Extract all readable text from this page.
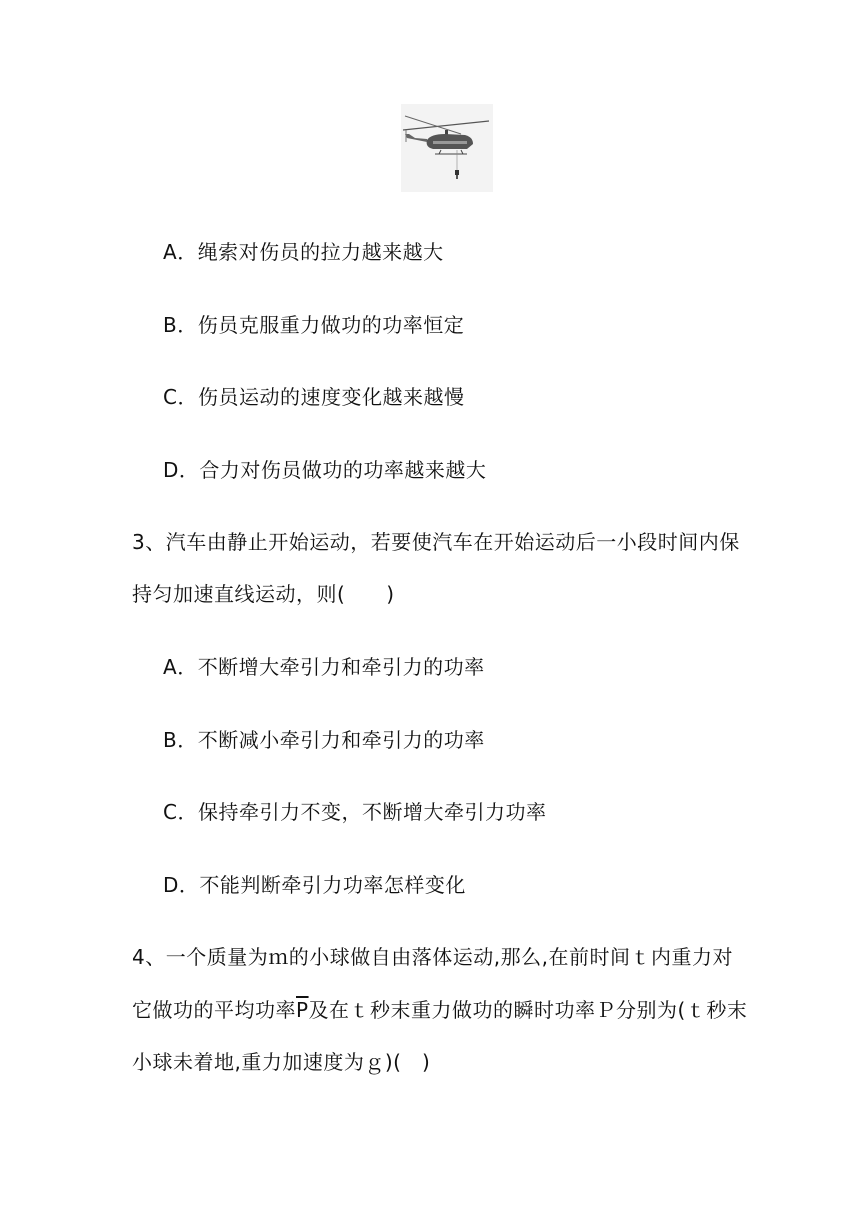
A．绳索对伤员的拉力越来越大
B．伤员克服重力做功的功率恒定
C．伤员运动的速度变化越来越慢
D．合力对伤员做功的功率越来越大
3、汽车由静止开始运动，若要使汽车在开始运动后一小段时间内保
持匀加速直线运动，则(　　)
A．不断增大牵引力和牵引力的功率
B．不断减小牵引力和牵引力的功率
C．保持牵引力不变，不断增大牵引力功率
D．不能判断牵引力功率怎样变化
4、一个质量为ｍ的小球做自由落体运动,那么,在前时间ｔ内重力对
它做功的平均功率$\overline{P}$及在ｔ秒末重力做功的瞬时功率Ｐ分别为(ｔ秒末
小球未着地,重力加速度为ｇ)(　)
